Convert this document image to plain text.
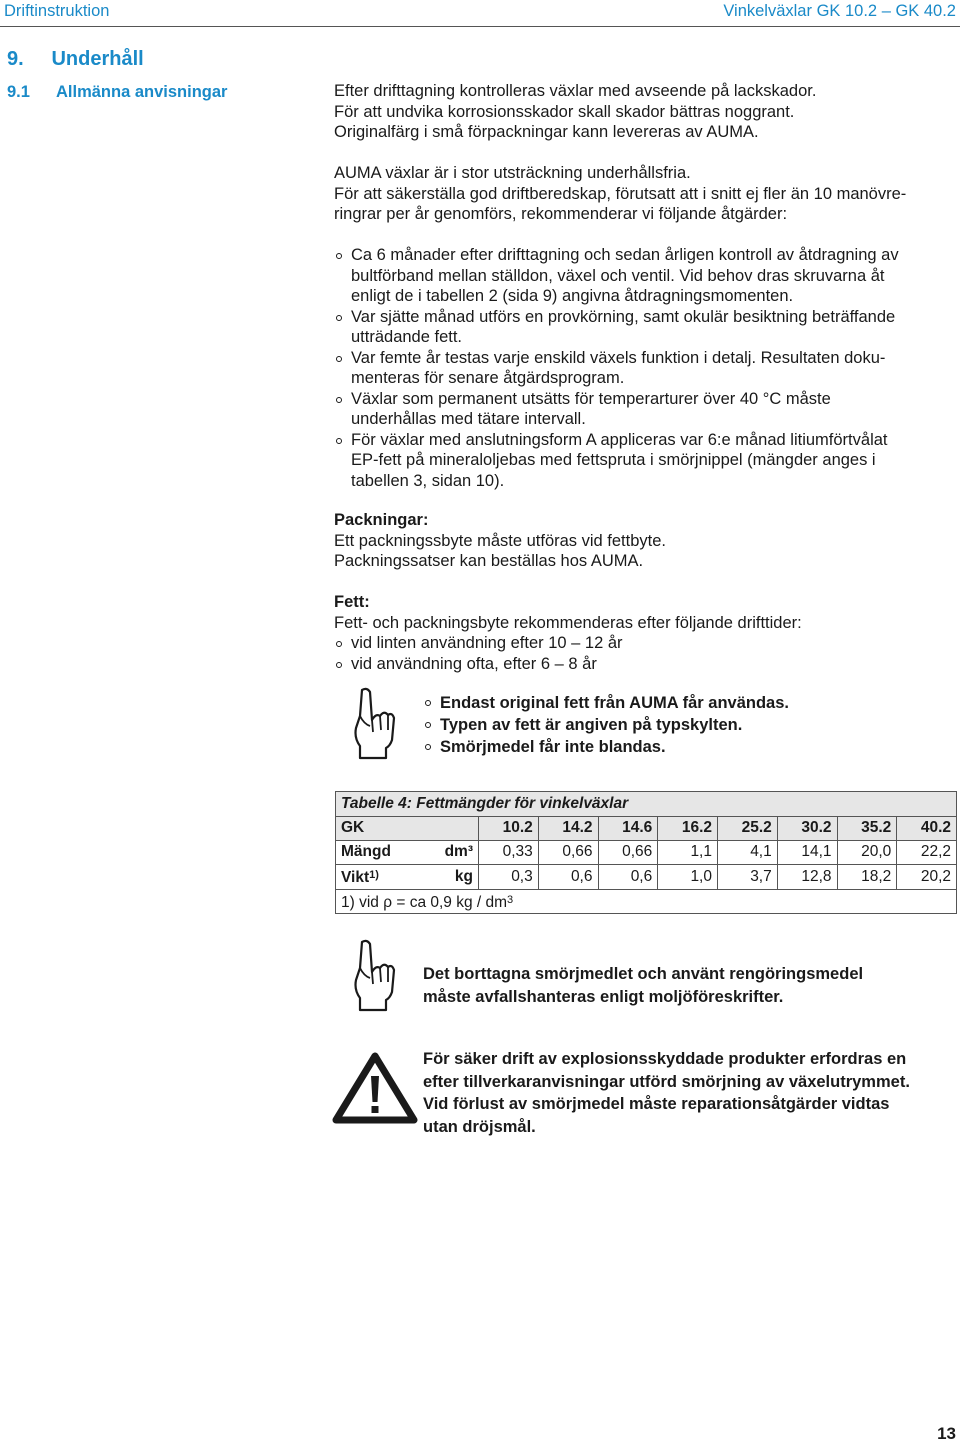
Driftinstruktion	Vinkelväxlar GK 10.2 – GK 40.2
9.	Underhåll
9.1 Allmänna anvisningar	Efter drifttagning kontrolleras växlar med avseende på lackskador.
För att undvika korrosionsskador skall skador bättras noggrant.
Originalfärg i små förpackningar kann levereras av AUMA.
AUMA växlar är i stor utsträckning underhållsfria.
För att säkerställa god driftberedskap, förutsatt att i snitt ej fler än 10 manövre-
ringrar per år genomförs, rekommenderar vi följande åtgärder:
Ca 6 månader efter drifttagning och sedan årligen kontroll av åtdragning av
bultförband mellan ställdon, växel och ventil. Vid behov dras skruvarna åt
enligt de i tabellen 2 (sida 9) angivna åtdragningsmomenten.
Var sjätte månad utförs en provkörning, samt okulär besiktning beträffande
utträdande fett.
Var femte år testas varje enskild växels funktion i detalj. Resultaten doku-
menteras för senare åtgärdsprogram.
Växlar som permanent utsätts för temperarturer över 40 °C måste
underhållas med tätare intervall.
För växlar med anslutningsform A appliceras var 6:e månad litiumförtvålat
EP-fett på mineraloljebas med fettspruta i smörjnippel (mängder anges i
tabellen 3, sidan 10).
Packningar:
Ett packningssbyte måste utföras vid fettbyte.
Packningssatser kan beställas hos AUMA.
Fett:
Fett- och packningsbyte rekommenderas efter följande drifttider:
vid linten användning efter 10 – 12 år
vid användning ofta, efter 6 – 8 år
Endast original fett från AUMA får användas.
Typen av fett är angiven på typskylten.
Smörjmedel får inte blandas.
Tabelle 4: Fettmängder för vinkelväxlar									
GK		10.2	14.2	14.6	16.2	25.2	30.2	35.2	40.2
Mängd	dm³	0,33	0,66	0,66	1,1	4,1	14,1	20,0	22,2
Vikt$^{1)}$	kg	0,3	0,6	0,6	1,0	3,7	12,8	18,2	20,2
1) vid ρ = ca 0,9 kg / $dm^3$
Det borttagna smörjmedlet och använt rengöringsmedel
måste avfallshanteras enligt moljöföreskrifter.
För säker drift av explosionsskyddade produkter erfordras en
efter tillverkaranvisningar utförd smörjning av växelutrymmet.
Vid förlust av smörjmedel måste reparationsåtgärder vidtas
utan dröjsmål.
13
